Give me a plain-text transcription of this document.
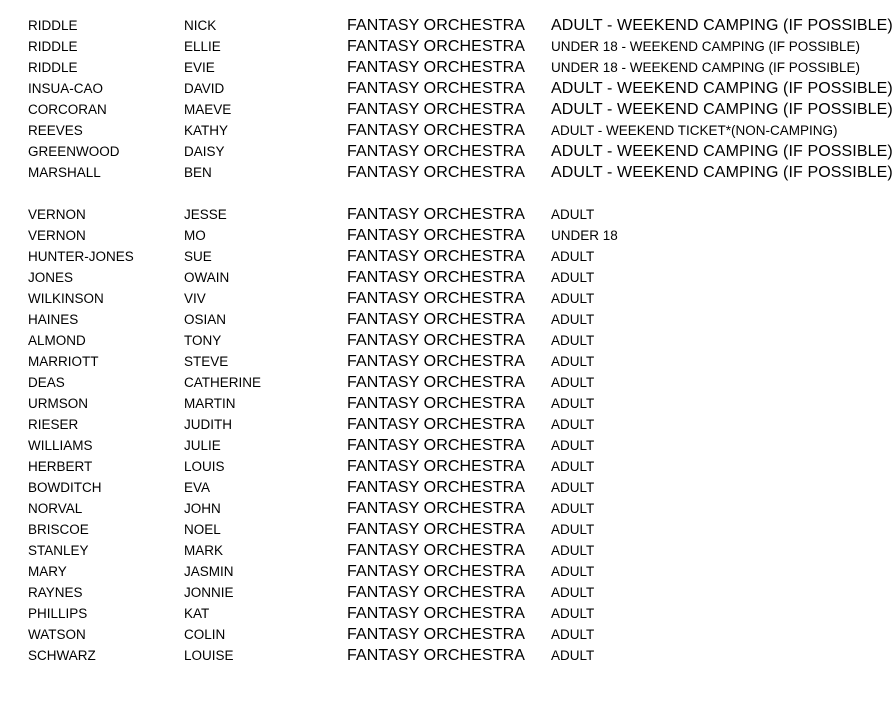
RIDDLE	NICK	FANTASY ORCHESTRA ADULT - WEEKEND CAMPING (IF POSSIBLE)
RIDDLE	ELLIE	FANTASY ORCHESTRA UNDER 18 - WEEKEND CAMPING (IF POSSIBLE)
RIDDLE	EVIE	FANTASY ORCHESTRA UNDER 18 - WEEKEND CAMPING (IF POSSIBLE)
INSUA-CAO	DAVID	FANTASY ORCHESTRA ADULT - WEEKEND CAMPING (IF POSSIBLE)
CORCORAN	MAEVE	FANTASY ORCHESTRA ADULT - WEEKEND CAMPING (IF POSSIBLE)
REEVES	KATHY	FANTASY ORCHESTRA ADULT - WEEKEND TICKET*(NON-CAMPING)
GREENWOOD	DAISY	FANTASY ORCHESTRA ADULT - WEEKEND CAMPING (IF POSSIBLE)
MARSHALL	BEN	FANTASY ORCHESTRA ADULT - WEEKEND CAMPING (IF POSSIBLE)
VERNON	JESSE	FANTASY ORCHESTRA ADULT
VERNON	MO	FANTASY ORCHESTRA UNDER 18
HUNTER-JONES	SUE	FANTASY ORCHESTRA ADULT
JONES	OWAIN	FANTASY ORCHESTRA ADULT
WILKINSON	VIV	FANTASY ORCHESTRA ADULT
HAINES	OSIAN	FANTASY ORCHESTRA ADULT
ALMOND	TONY	FANTASY ORCHESTRA ADULT
MARRIOTT	STEVE	FANTASY ORCHESTRA ADULT
DEAS	CATHERINE	FANTASY ORCHESTRA ADULT
URMSON	MARTIN	FANTASY ORCHESTRA ADULT
RIESER	JUDITH	FANTASY ORCHESTRA ADULT
WILLIAMS	JULIE	FANTASY ORCHESTRA ADULT
HERBERT	LOUIS	FANTASY ORCHESTRA ADULT
BOWDITCH	EVA	FANTASY ORCHESTRA ADULT
NORVAL	JOHN	FANTASY ORCHESTRA ADULT
BRISCOE	NOEL	FANTASY ORCHESTRA ADULT
STANLEY	MARK	FANTASY ORCHESTRA ADULT
MARY	JASMIN	FANTASY ORCHESTRA ADULT
RAYNES	JONNIE	FANTASY ORCHESTRA ADULT
PHILLIPS	KAT	FANTASY ORCHESTRA ADULT
WATSON	COLIN	FANTASY ORCHESTRA ADULT
SCHWARZ	LOUISE	FANTASY ORCHESTRA ADULT
